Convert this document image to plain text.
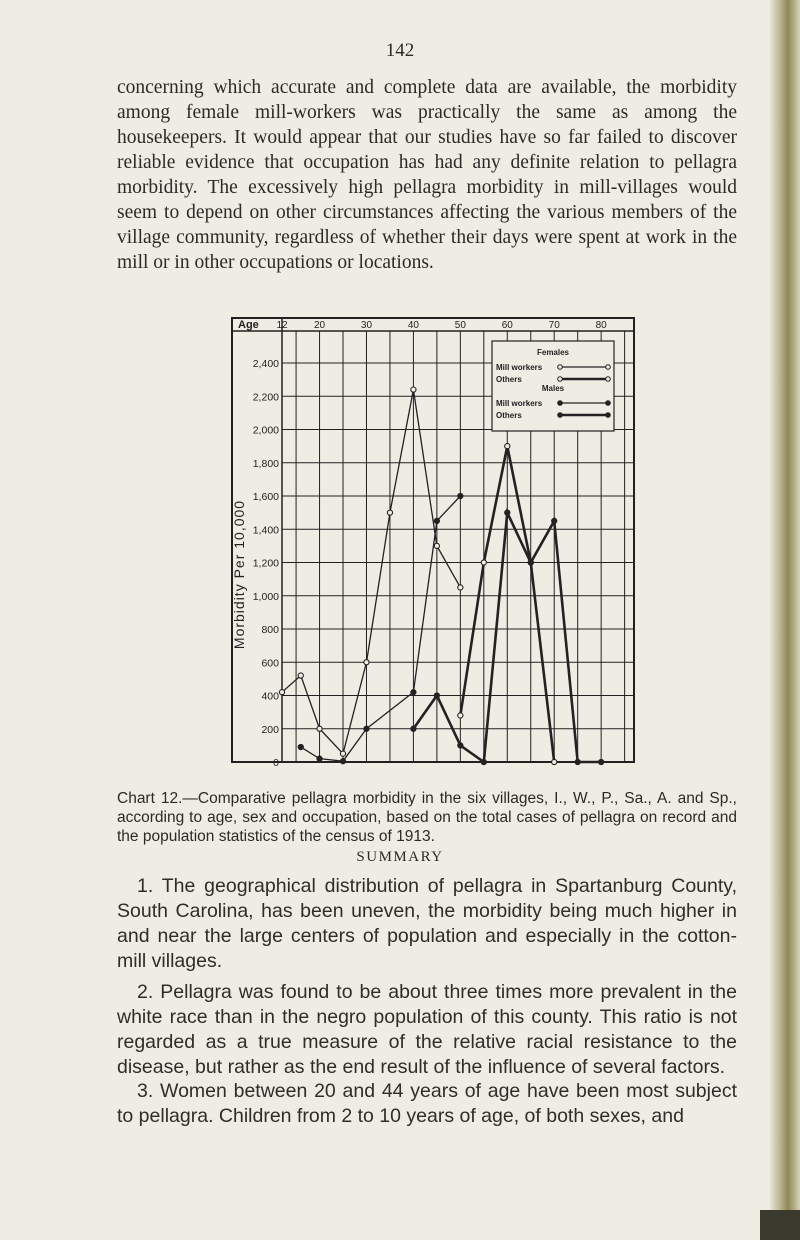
142
concerning which accurate and complete data are available, the morbidity among female mill-workers was practically the same as among the housekeepers. It would appear that our studies have so far failed to discover reliable evidence that occupation has had any definite relation to pellagra morbidity. The excessively high pellagra morbidity in mill-villages would seem to depend on other circumstances affecting the various members of the village community, regardless of whether their days were spent at work in the mill or in other occupations or locations.
Age
Morbidity Per 10,000
12	20	30	40	50	60	70	80
0
200
400
600
800
1,000
1,200
1,400
1,600
1,800
2,000
2,200
2,400
Females
Males
Mill workers
Others
Mill workers
Others
Chart 12.—Comparative pellagra morbidity in the six villages, I., W., P., Sa., A. and Sp., according to age, sex and occupation, based on the total cases of pellagra on record and the population statistics of the census of 1913.
SUMMARY
1. The geographical distribution of pellagra in Spartanburg County, South Carolina, has been uneven, the morbidity being much higher in and near the large centers of population and especially in the cotton-mill villages.
2. Pellagra was found to be about three times more prevalent in the white race than in the negro population of this county. This ratio is not regarded as a true measure of the relative racial resistance to the disease, but rather as the end result of the influence of several factors.
3. Women between 20 and 44 years of age have been most subject to pellagra. Children from 2 to 10 years of age, of both sexes, and
